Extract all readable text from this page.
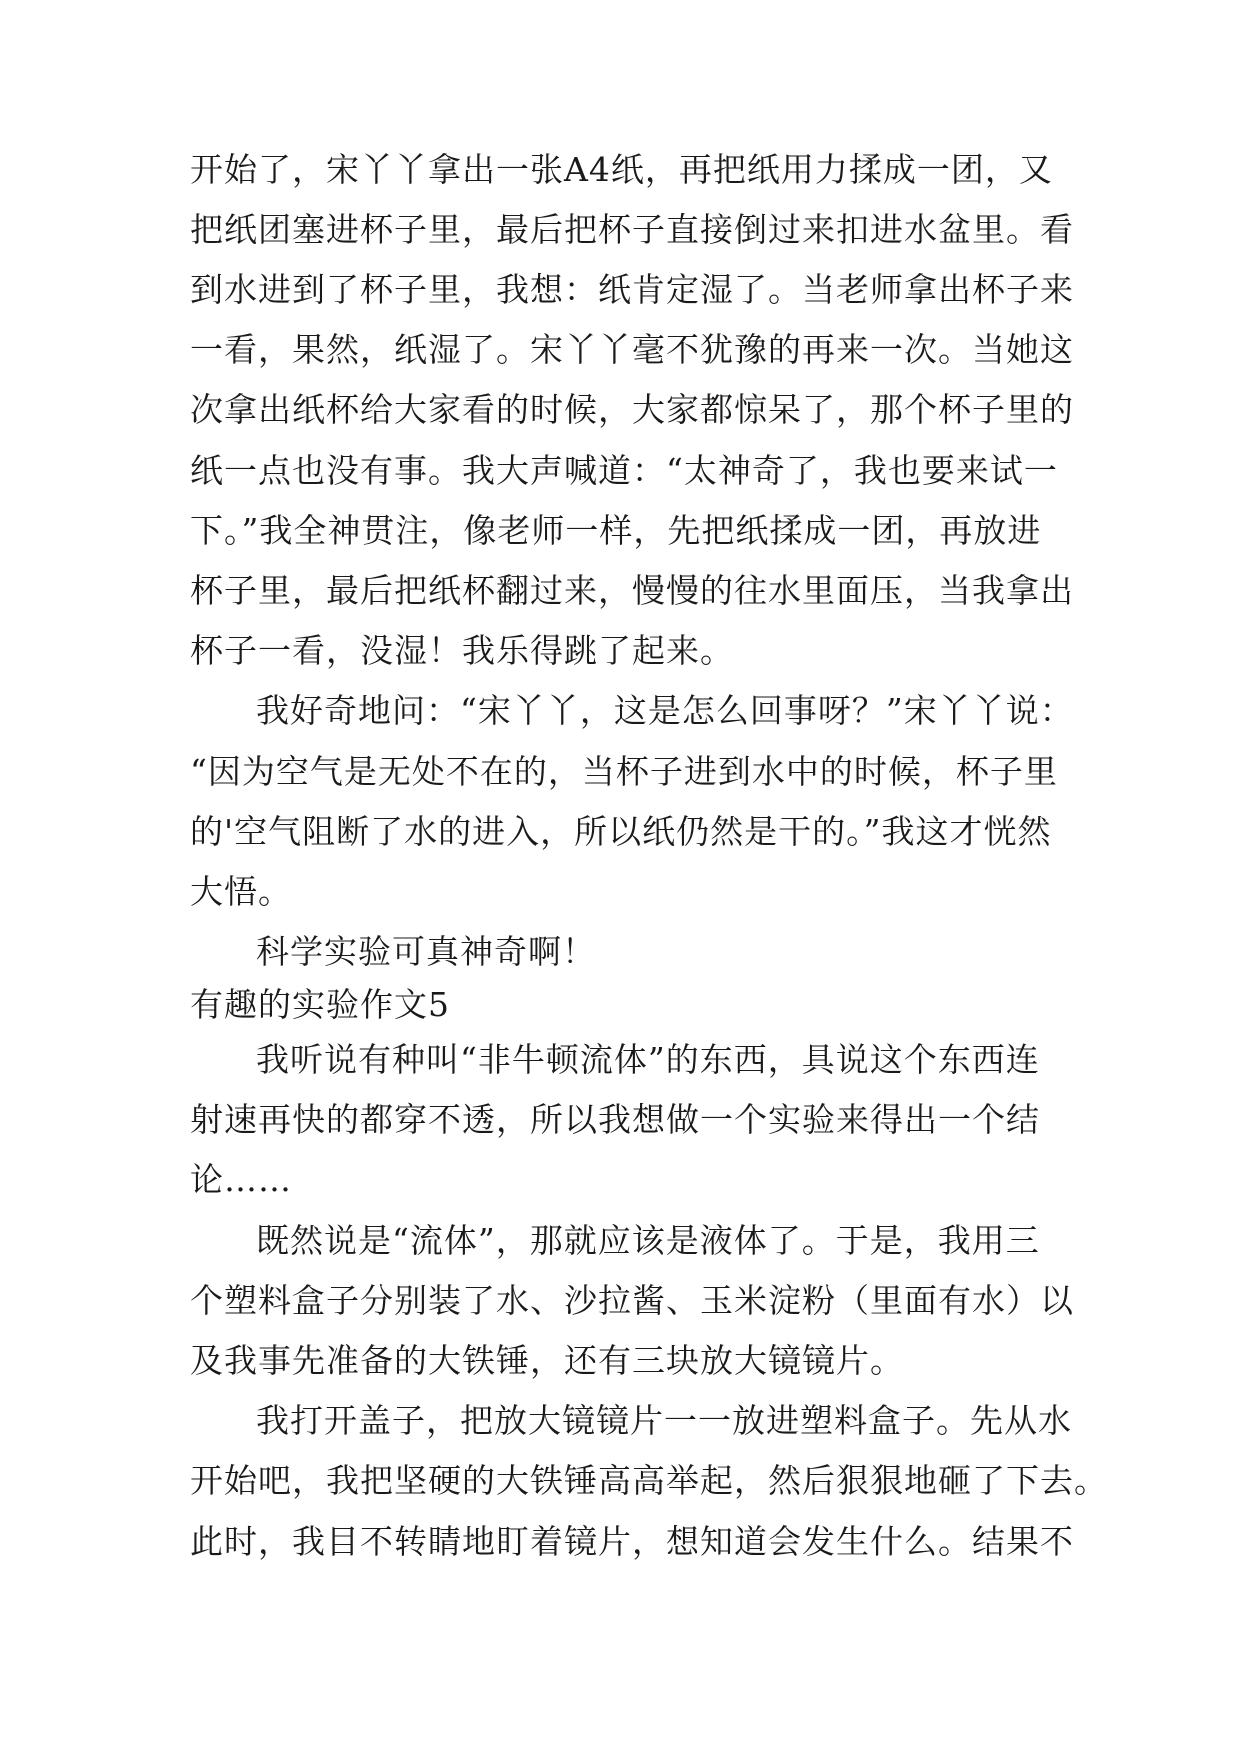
开始了，宋丫丫拿出一张A4纸，再把纸用力揉成一团，又
把纸团塞进杯子里，最后把杯子直接倒过来扣进水盆里。看
到水进到了杯子里，我想：纸肯定湿了。当老师拿出杯子来
一看，果然，纸湿了。宋丫丫毫不犹豫的再来一次。当她这
次拿出纸杯给大家看的时候，大家都惊呆了，那个杯子里的
纸一点也没有事。我大声喊道：“太神奇了，我也要来试一
下。”我全神贯注，像老师一样，先把纸揉成一团，再放进
杯子里，最后把纸杯翻过来，慢慢的往水里面压，当我拿出
杯子一看，没湿！我乐得跳了起来。
我好奇地问：“宋丫丫，这是怎么回事呀？”宋丫丫说：
“因为空气是无处不在的，当杯子进到水中的时候，杯子里
的'空气阻断了水的进入，所以纸仍然是干的。”我这才恍然
大悟。
科学实验可真神奇啊！
有趣的实验作文5
我听说有种叫“非牛顿流体”的东西，具说这个东西连
射速再快的都穿不透，所以我想做一个实验来得出一个结
论……
既然说是“流体”，那就应该是液体了。于是，我用三
个塑料盒子分别装了水、沙拉酱、玉米淀粉（里面有水）以
及我事先准备的大铁锤，还有三块放大镜镜片。
我打开盖子，把放大镜镜片一一放进塑料盒子。先从水
开始吧，我把坚硬的大铁锤高高举起，然后狠狠地砸了下去。
此时，我目不转睛地盯着镜片，想知道会发生什么。结果不
